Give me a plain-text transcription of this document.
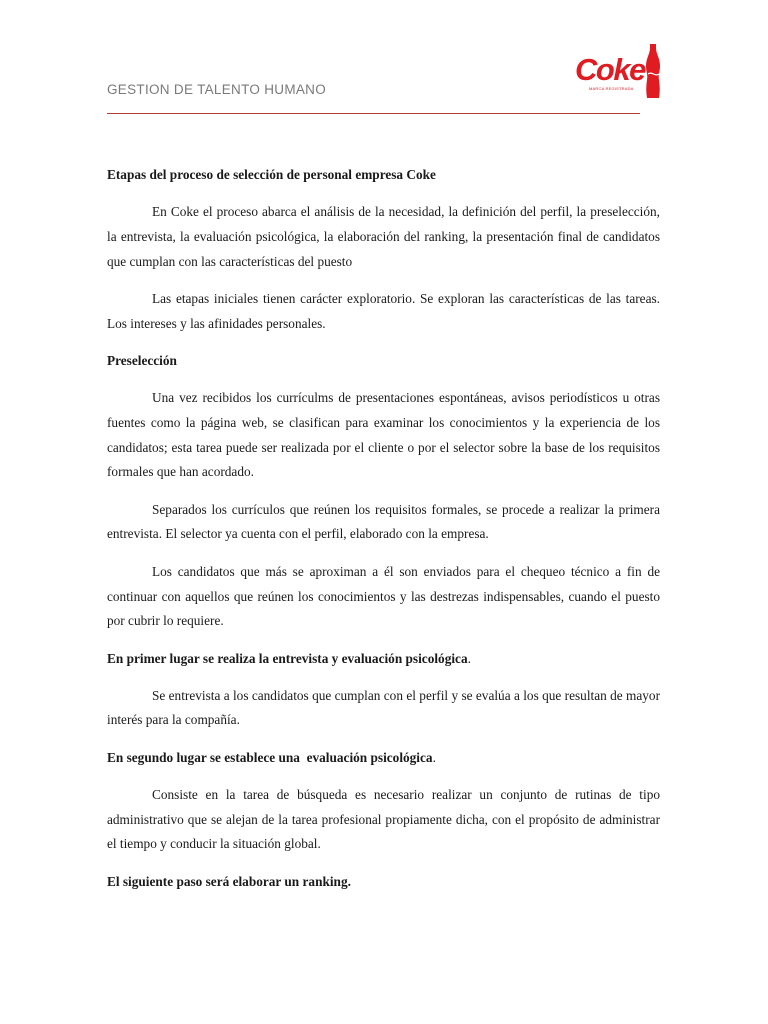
GESTION DE TALENTO HUMANO
Coke
MARCA REGISTRADA
Etapas del proceso de selección de personal empresa Coke
En Coke el proceso abarca el análisis de la necesidad, la definición del perfil, la preselección, la entrevista, la evaluación psicológica, la elaboración del ranking, la presentación final de candidatos que cumplan con las características del puesto
Las etapas iniciales tienen carácter exploratorio. Se exploran las características de las tareas. Los intereses y las afinidades personales.
Preselección
Una vez recibidos los currículms de presentaciones espontáneas, avisos periodísticos u otras fuentes como la página web, se clasifican para examinar los conocimientos y la experiencia de los candidatos; esta tarea puede ser realizada por el cliente o por el selector sobre la base de los requisitos formales que han acordado.
Separados los currículos que reúnen los requisitos formales, se procede a realizar la primera entrevista. El selector ya cuenta con el perfil, elaborado con la empresa.
Los candidatos que más se aproximan a él son enviados para el chequeo técnico a fin de continuar con aquellos que reúnen los conocimientos y las destrezas indispensables, cuando el puesto por cubrir lo requiere.
En primer lugar se realiza la entrevista y evaluación psicológica.
Se entrevista a los candidatos que cumplan con el perfil y se evalúa a los que resultan de mayor interés para la compañía.
En segundo lugar se establece una  evaluación psicológica.
Consiste en la tarea de búsqueda es necesario realizar un conjunto de rutinas de tipo administrativo que se alejan de la tarea profesional propiamente dicha, con el propósito de administrar el tiempo y conducir la situación global.
El siguiente paso será elaborar un ranking.
